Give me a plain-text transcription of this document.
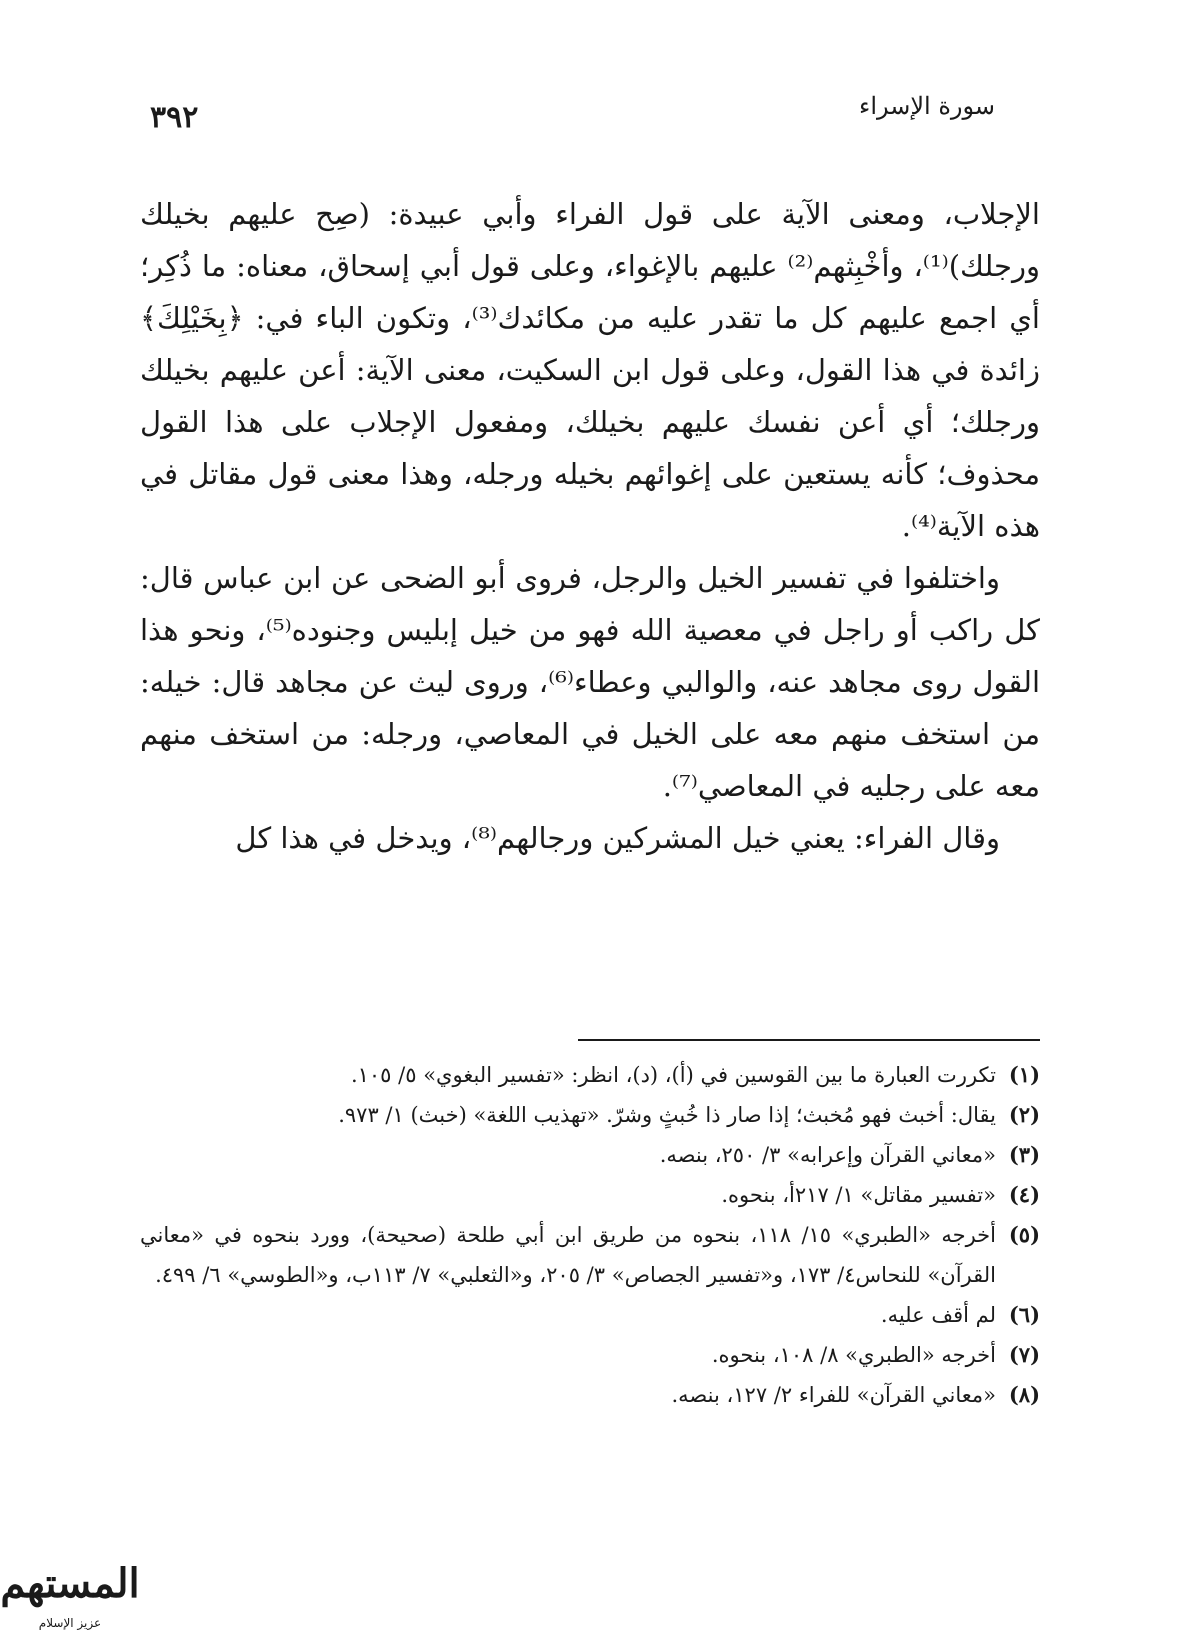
٣٩٢	سورة الإسراء

الإجلاب، ومعنى الآية على قول الفراء وأبي عبيدة: (صِح عليهم بخيلك ورجلك)⁽¹⁾، وأخْبِثهم⁽²⁾ عليهم بالإغواء، وعلى قول أبي إسحاق، معناه: ما ذُكِر؛ أي اجمع عليهم كل ما تقدر عليه من مكائدك⁽³⁾، وتكون الباء في: ﴿بِخَيْلِكَ﴾ زائدة في هذا القول، وعلى قول ابن السكيت، معنى الآية: أعن عليهم بخيلك ورجلك؛ أي أعن نفسك عليهم بخيلك، ومفعول الإجلاب على هذا القول محذوف؛ كأنه يستعين على إغوائهم بخيله ورجله، وهذا معنى قول مقاتل في هذه الآية⁽⁴⁾.

واختلفوا في تفسير الخيل والرجل، فروى أبو الضحى عن ابن عباس قال: كل راكب أو راجل في معصية الله فهو من خيل إبليس وجنوده⁽⁵⁾، ونحو هذا القول روى مجاهد عنه، والوالبي وعطاء⁽⁶⁾، وروى ليث عن مجاهد قال: خيله: من استخف منهم معه على الخيل في المعاصي، ورجله: من استخف منهم معه على رجليه في المعاصي⁽⁷⁾.

وقال الفراء: يعني خيل المشركين ورجالهم⁽⁸⁾، ويدخل في هذا كل

(١)
تكررت العبارة ما بين القوسين في (أ)، (د)، انظر: «تفسير البغوي» ٥/ ١٠٥.
(٢)
يقال: أخبث فهو مُخبث؛ إذا صار ذا خُبثٍ وشرّ. «تهذيب اللغة» (خبث) ١/ ٩٧٣.
(٣)
«معاني القرآن وإعرابه» ٣/ ٢٥٠، بنصه.
(٤)
«تفسير مقاتل» ١/ ٢١٧أ، بنحوه.
(٥)
أخرجه «الطبري» ١٥/ ١١٨، بنحوه من طريق ابن أبي طلحة (صحيحة)، وورد بنحوه في «معاني القرآن» للنحاس٤/ ١٧٣، و«تفسير الجصاص» ٣/ ٢٠٥، و«الثعلبي» ٧/ ١١٣ب، و«الطوسي» ٦/ ٤٩٩.
(٦)
لم أقف عليه.
(٧)
أخرجه «الطبري» ٨/ ١٠٨، بنحوه.
(٨)
«معاني القرآن» للفراء ٢/ ١٢٧، بنصه.
المستهم
عزيز الإسلام
